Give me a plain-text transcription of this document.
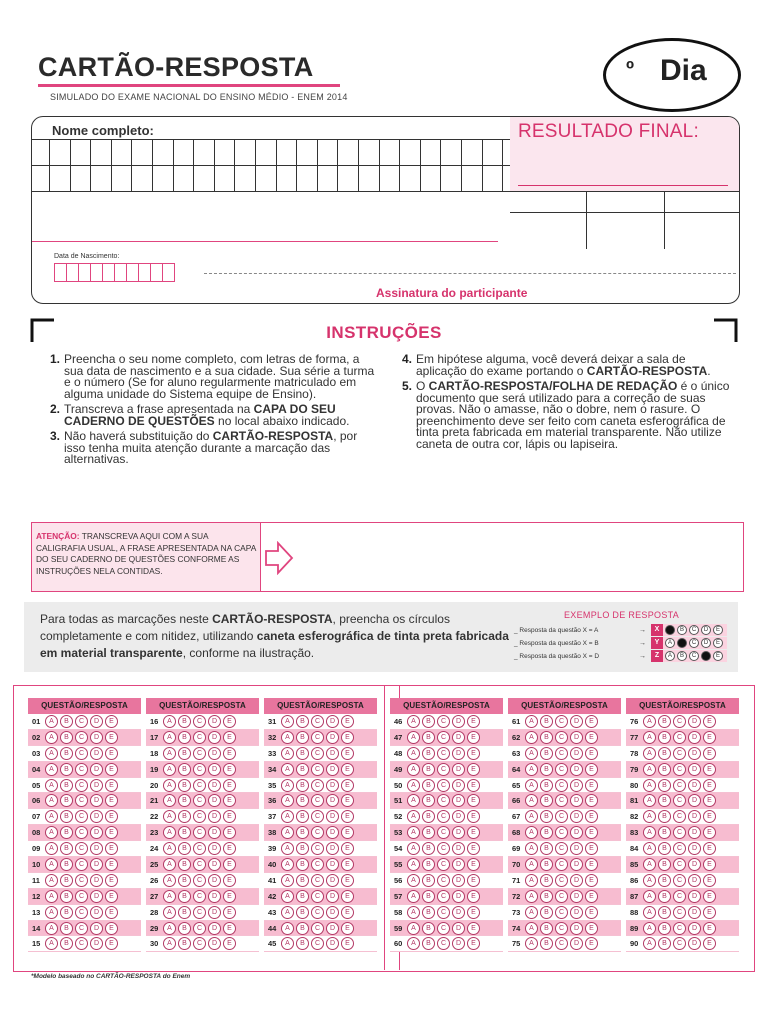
CARTÃO-RESPOSTA
SIMULADO DO EXAME NACIONAL DO ENSINO MÉDIO - ENEM 2014
º Dia
Nome completo:	RESULTADO FINAL:
Data de Nascimento:
Assinatura do participante
INSTRUÇÕES
1. Preencha o seu nome completo, com letras de forma, a sua data de nascimento e a sua cidade. Sua série a turma e o número (Se for aluno regularmente matriculado em alguma unidade do Sistema equipe de Ensino).
2. Transcreva a frase apresentada na CAPA DO SEU CADERNO DE QUESTÕES no local abaixo indicado.
3. Não haverá substituição do CARTÃO-RESPOSTA, por isso tenha muita atenção durante a marcação das alternativas.
4. Em hipótese alguma, você deverá deixar a sala de aplicação do exame portando o CARTÃO-RESPOSTA.
5. O CARTÃO-RESPOSTA/FOLHA DE REDAÇÃO é o único documento que será utilizado para a correção de suas provas. Não o amasse, não o dobre, nem o rasure. O preenchimento deve ser feito com caneta esferográfica de tinta preta fabricada em material transparente. Não utilize caneta de outra cor, lápis ou lapiseira.
ATENÇÃO: TRANSCREVA AQUI COM A SUA CALIGRAFIA USUAL, A FRASE APRESENTADA NA CAPA DO SEU CADERNO DE QUESTÕES CONFORME AS INSTRUÇÕES NELA CONTIDAS.
Para todas as marcações neste CARTÃO-RESPOSTA, preencha os círculos completamente e com nitidez, utilizando caneta esferográfica de tinta preta fabricada em material transparente, conforme na ilustração.
EXEMPLO DE RESPOSTA
_ Resposta da questão X = A	→	X	B	C	D	E
_ Resposta da questão X = B	→	Y	A	C	D	E
_ Resposta da questão X = D	→	Z	A	B	C	E
QUESTÃO/RESPOSTA
01	A	B	C	D	E
02	A	B	C	D	E
03	A	B	C	D	E
04	A	B	C	D	E
05	A	B	C	D	E
06	A	B	C	D	E
07	A	B	C	D	E
08	A	B	C	D	E
09	A	B	C	D	E
10	A	B	C	D	E
11	A	B	C	D	E
12	A	B	C	D	E
13	A	B	C	D	E
14	A	B	C	D	E
15	A	B	C	D	E
QUESTÃO/RESPOSTA
16	A	B	C	D	E
17	A	B	C	D	E
18	A	B	C	D	E
19	A	B	C	D	E
20	A	B	C	D	E
21	A	B	C	D	E
22	A	B	C	D	E
23	A	B	C	D	E
24	A	B	C	D	E
25	A	B	C	D	E
26	A	B	C	D	E
27	A	B	C	D	E
28	A	B	C	D	E
29	A	B	C	D	E
30	A	B	C	D	E
QUESTÃO/RESPOSTA
31	A	B	C	D	E
32	A	B	C	D	E
33	A	B	C	D	E
34	A	B	C	D	E
35	A	B	C	D	E
36	A	B	C	D	E
37	A	B	C	D	E
38	A	B	C	D	E
39	A	B	C	D	E
40	A	B	C	D	E
41	A	B	C	D	E
42	A	B	C	D	E
43	A	B	C	D	E
44	A	B	C	D	E
45	A	B	C	D	E
QUESTÃO/RESPOSTA
46	A	B	C	D	E
47	A	B	C	D	E
48	A	B	C	D	E
49	A	B	C	D	E
50	A	B	C	D	E
51	A	B	C	D	E
52	A	B	C	D	E
53	A	B	C	D	E
54	A	B	C	D	E
55	A	B	C	D	E
56	A	B	C	D	E
57	A	B	C	D	E
58	A	B	C	D	E
59	A	B	C	D	E
60	A	B	C	D	E
QUESTÃO/RESPOSTA
61	A	B	C	D	E
62	A	B	C	D	E
63	A	B	C	D	E
64	A	B	C	D	E
65	A	B	C	D	E
66	A	B	C	D	E
67	A	B	C	D	E
68	A	B	C	D	E
69	A	B	C	D	E
70	A	B	C	D	E
71	A	B	C	D	E
72	A	B	C	D	E
73	A	B	C	D	E
74	A	B	C	D	E
75	A	B	C	D	E
QUESTÃO/RESPOSTA
76	A	B	C	D	E
77	A	B	C	D	E
78	A	B	C	D	E
79	A	B	C	D	E
80	A	B	C	D	E
81	A	B	C	D	E
82	A	B	C	D	E
83	A	B	C	D	E
84	A	B	C	D	E
85	A	B	C	D	E
86	A	B	C	D	E
87	A	B	C	D	E
88	A	B	C	D	E
89	A	B	C	D	E
90	A	B	C	D	E
*Modelo baseado no CARTÃO-RESPOSTA do Enem
